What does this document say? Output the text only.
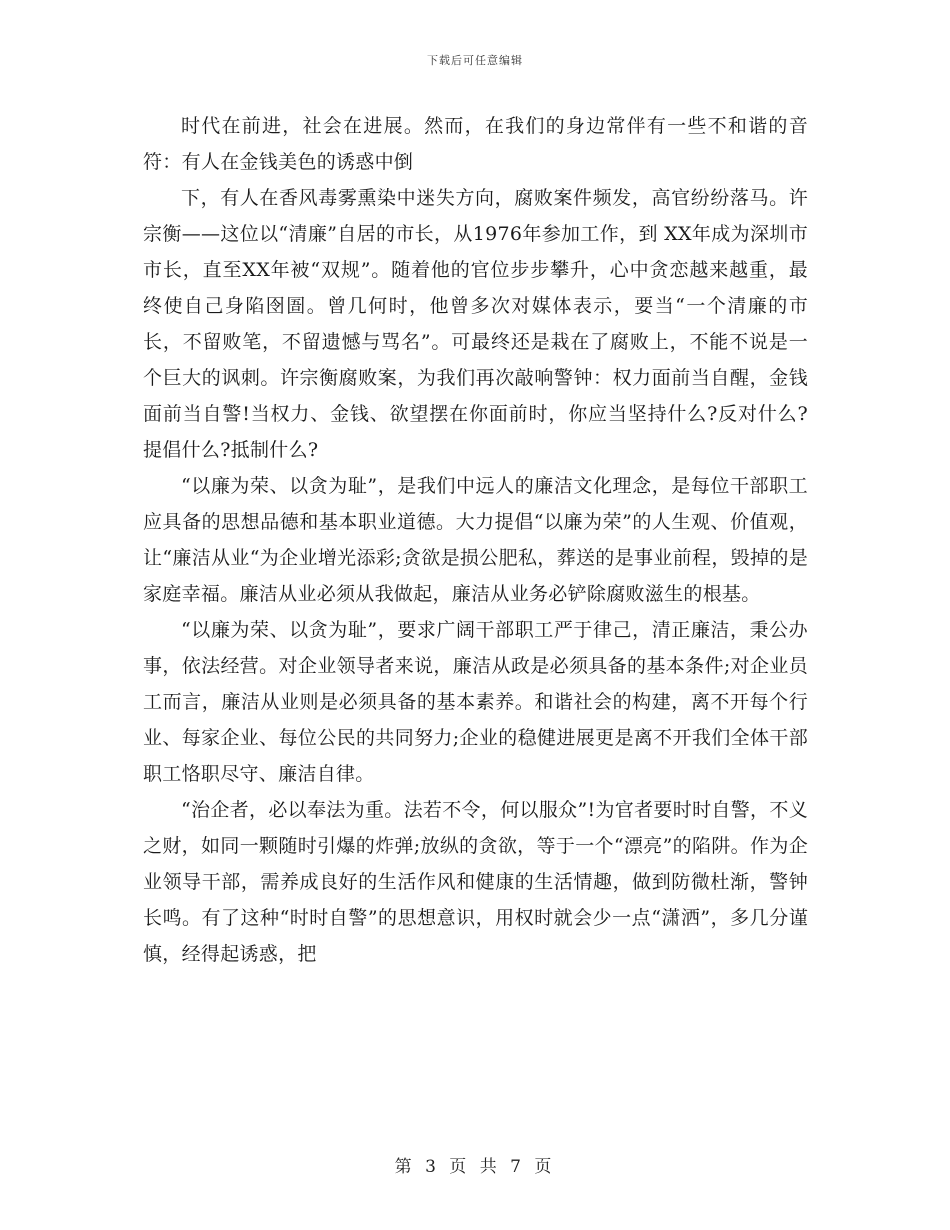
下载后可任意编辑

时代在前进，社会在进展。然而，在我们的身边常伴有一些不和谐的音符：有人在金钱美色的诱惑中倒

下，有人在香风毒雾熏染中迷失方向，腐败案件频发，高官纷纷落马。许宗衡——这位以“清廉”自居的市长，从1976年参加工作，到 XX年成为深圳市市长，直至XX年被“双规”。随着他的官位步步攀升，心中贪恋越来越重，最终使自己身陷囹圄。曾几何时，他曾多次对媒体表示，要当“一个清廉的市长，不留败笔，不留遗憾与骂名”。可最终还是栽在了腐败上，不能不说是一个巨大的讽刺。许宗衡腐败案，为我们再次敲响警钟：权力面前当自醒，金钱面前当自警!当权力、金钱、欲望摆在你面前时，你应当坚持什么?反对什么?提倡什么?抵制什么?

“以廉为荣、以贪为耻”，是我们中远人的廉洁文化理念，是每位干部职工应具备的思想品德和基本职业道德。大力提倡“以廉为荣”的人生观、价值观，让“廉洁从业“为企业增光添彩;贪欲是损公肥私，葬送的是事业前程，毁掉的是家庭幸福。廉洁从业必须从我做起，廉洁从业务必铲除腐败滋生的根基。

“以廉为荣、以贪为耻”，要求广阔干部职工严于律己，清正廉洁，秉公办事，依法经营。对企业领导者来说，廉洁从政是必须具备的基本条件;对企业员工而言，廉洁从业则是必须具备的基本素养。和谐社会的构建，离不开每个行业、每家企业、每位公民的共同努力;企业的稳健进展更是离不开我们全体干部职工恪职尽守、廉洁自律。

“治企者，必以奉法为重。法若不令，何以服众”!为官者要时时自警，不义之财，如同一颗随时引爆的炸弹;放纵的贪欲，等于一个“漂亮”的陷阱。作为企业领导干部，需养成良好的生活作风和健康的生活情趣，做到防微杜渐，警钟长鸣。有了这种“时时自警”的思想意识，用权时就会少一点“潇洒”，多几分谨慎，经得起诱惑，把

第 3 页 共 7 页
